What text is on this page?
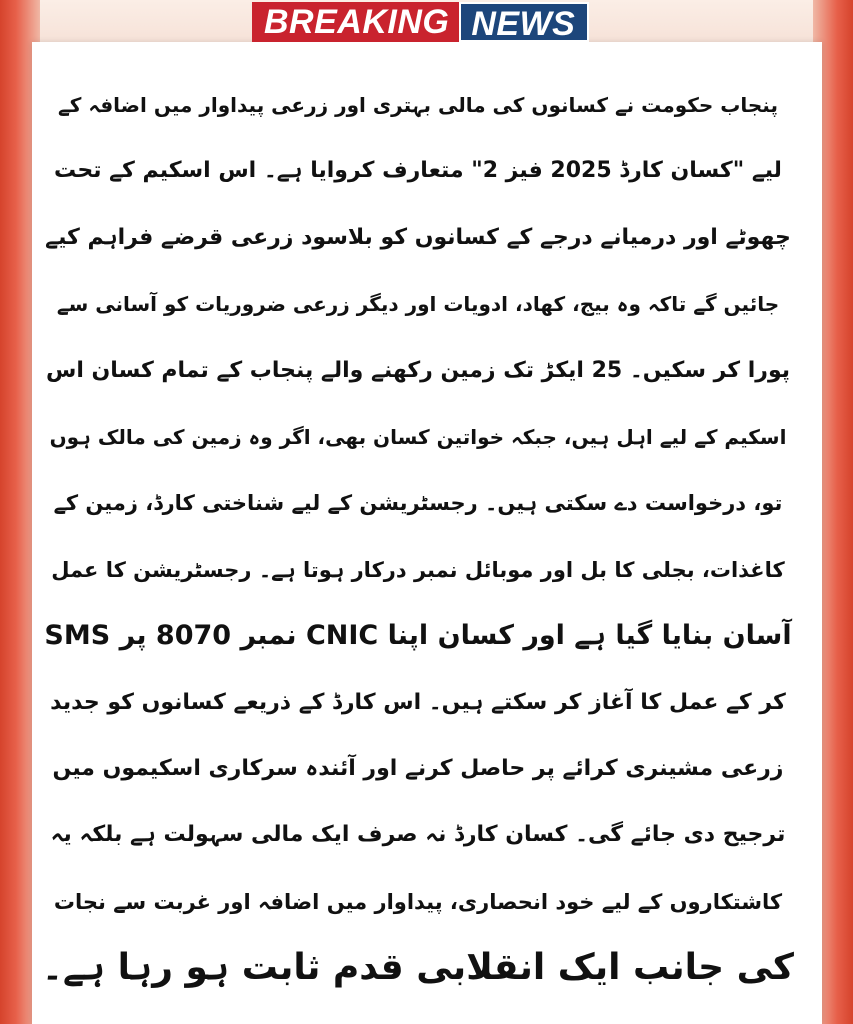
BREAKING NEWS
پنجاب حکومت نے کسانوں کی مالی بہتری اور زرعی پیداوار میں اضافہ کے
لیے "کسان کارڈ 2025 فیز 2" متعارف کروایا ہے۔ اس اسکیم کے تحت
چھوٹے اور درمیانے درجے کے کسانوں کو بلاسود زرعی قرضے فراہم کیے
جائیں گے تاکہ وہ بیج، کھاد، ادویات اور دیگر زرعی ضروریات کو آسانی سے
پورا کر سکیں۔ 25 ایکڑ تک زمین رکھنے والے پنجاب کے تمام کسان اس
اسکیم کے لیے اہل ہیں، جبکہ خواتین کسان بھی، اگر وہ زمین کی مالک ہوں
تو، درخواست دے سکتی ہیں۔ رجسٹریشن کے لیے شناختی کارڈ، زمین کے
کاغذات، بجلی کا بل اور موبائل نمبر درکار ہوتا ہے۔ رجسٹریشن کا عمل
آسان بنایا گیا ہے اور کسان اپنا CNIC نمبر 8070 پر SMS
کر کے عمل کا آغاز کر سکتے ہیں۔ اس کارڈ کے ذریعے کسانوں کو جدید
زرعی مشینری کرائے پر حاصل کرنے اور آئندہ سرکاری اسکیموں میں
ترجیح دی جائے گی۔ کسان کارڈ نہ صرف ایک مالی سہولت ہے بلکہ یہ
کاشتکاروں کے لیے خود انحصاری، پیداوار میں اضافہ اور غربت سے نجات
کی جانب ایک انقلابی قدم ثابت ہو رہا ہے۔
